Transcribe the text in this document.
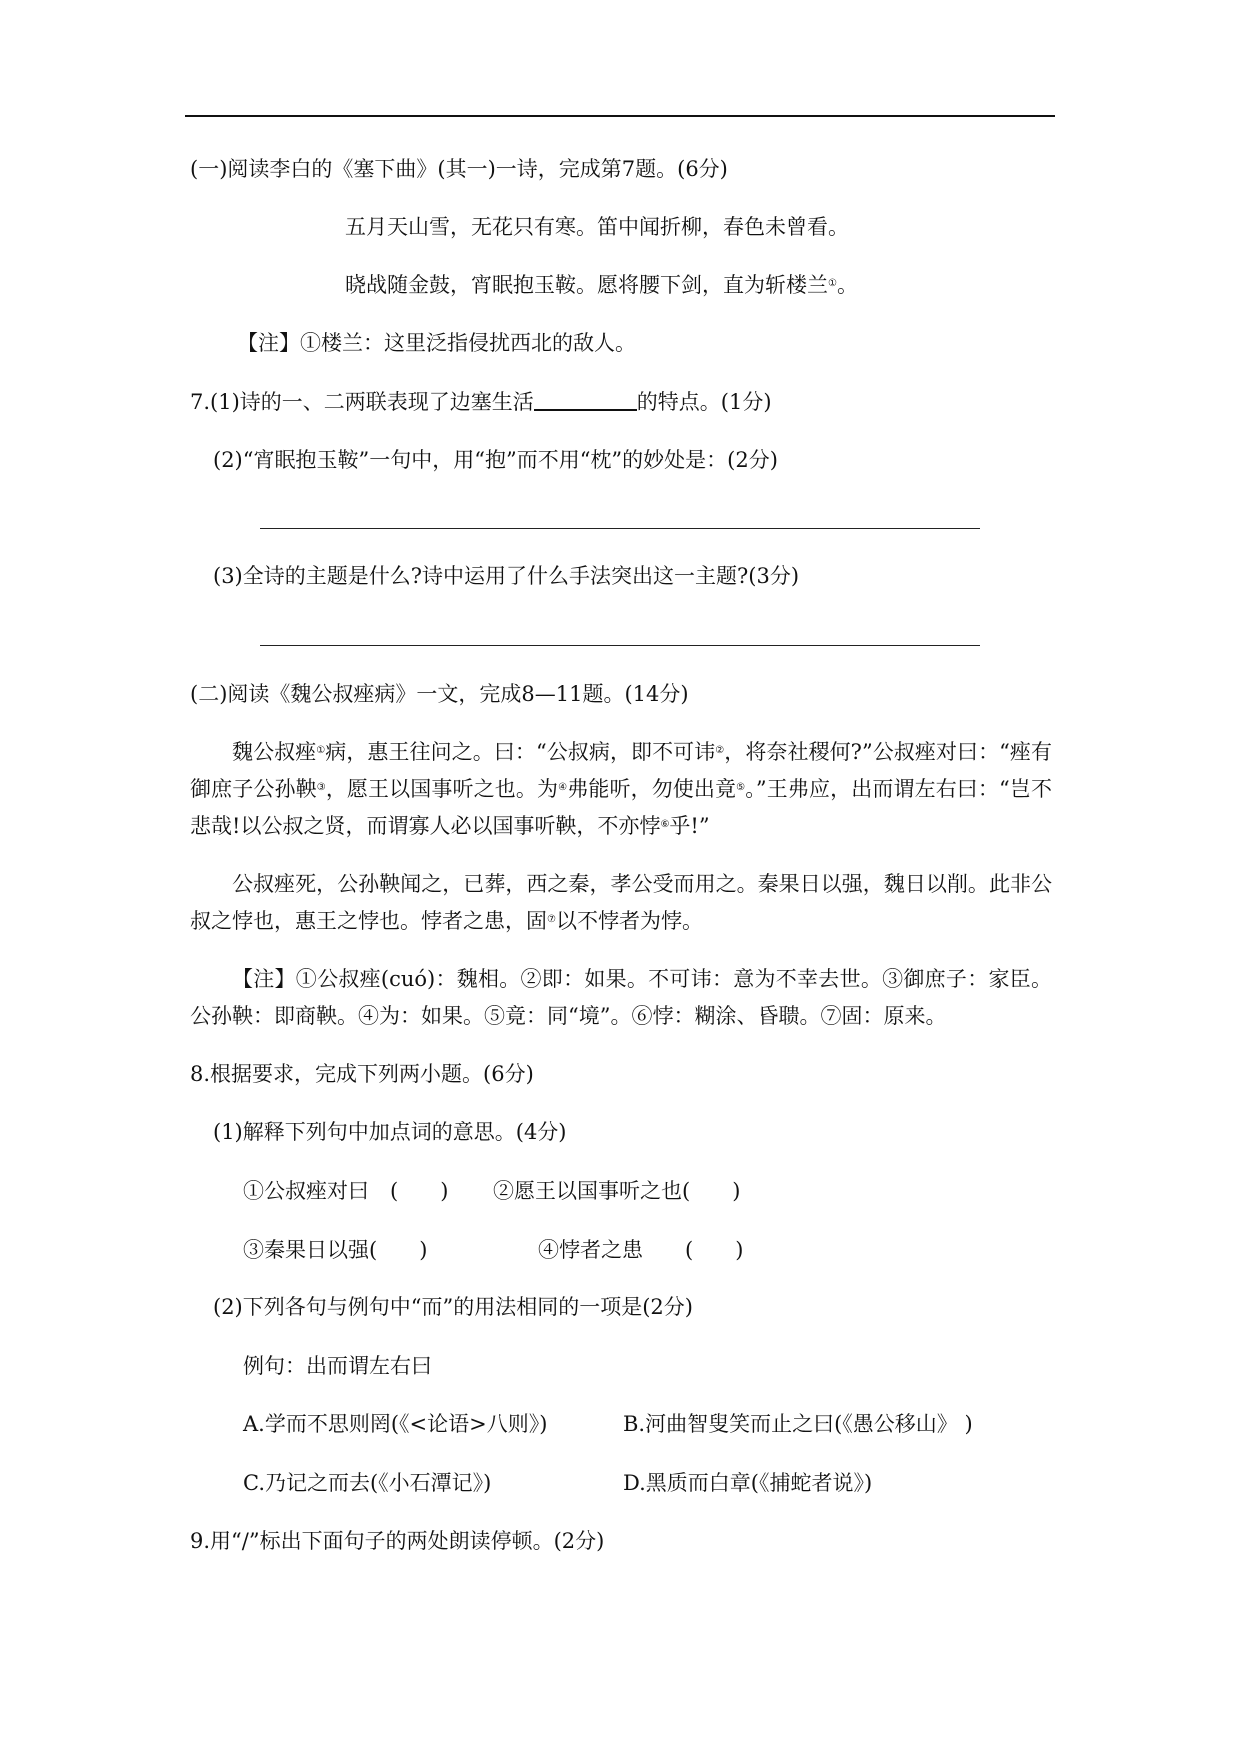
(一)阅读李白的《塞下曲》(其一)一诗，完成第7题。(6分)
五月天山雪，无花只有寒。笛中闻折柳，春色未曾看。
晓战随金鼓，宵眠抱玉鞍。愿将腰下剑，直为斩楼兰①。
【注】①楼兰：这里泛指侵扰西北的敌人。
7.(1)诗的一、二两联表现了边塞生活	的特点。(1分)
(2)“宵眠抱玉鞍”一句中，用“抱”而不用“枕”的妙处是：(2分)
(3)全诗的主题是什么?诗中运用了什么手法突出这一主题?(3分)
(二)阅读《魏公叔痤病》一文，完成8—11题。(14分)
魏公叔痤①病，惠王往问之。曰：“公叔病，即不可讳②，将奈社稷何?”公叔痤对曰：“痤有御庶子公孙鞅③，愿王以国事听之也。为④弗能听，勿使出竟⑤。”王弗应，出而谓左右曰：“岂不悲哉!以公叔之贤，而谓寡人必以国事听鞅，不亦悖⑥乎!”
公叔痤死，公孙鞅闻之，已葬，西之秦，孝公受而用之。秦果日以强，魏日以削。此非公叔之悖也，惠王之悖也。悖者之患，固⑦以不悖者为悖。
【注】①公叔痤(cuó)：魏相。②即：如果。不可讳：意为不幸去世。③御庶子：家臣。公孙鞅：即商鞅。④为：如果。⑤竟：同“境”。⑥悖：糊涂、昏聩。⑦固：原来。
8.根据要求，完成下列两小题。(6分)
(1)解释下列句中加点词的意思。(4分)
①公叔痤对曰　(　　) ②愿王以国事听之也(　　)
③秦果日以强(　　)	④悖者之患 (　　)
(2)下列各句与例句中“而”的用法相同的一项是(2分)
例句：出而谓左右曰
A.学而不思则罔(《<论语>八则》)	B.河曲智叟笑而止之曰(《愚公移山》 )
C.乃记之而去(《小石潭记》)	D.黑质而白章(《捕蛇者说》)
9.用“/”标出下面句子的两处朗读停顿。(2分)
